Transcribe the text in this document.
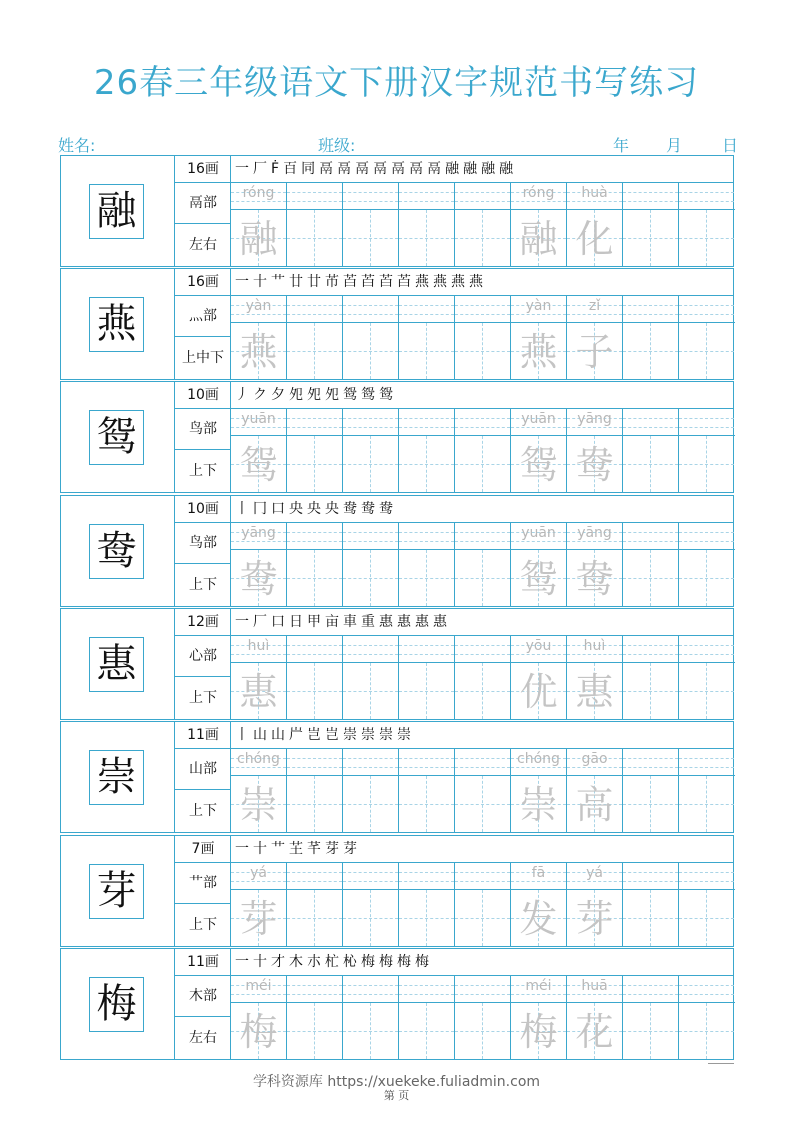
26春三年级语文下册汉字规范书写练习
姓名:	班级:	年 月 日
融
16画
鬲部
左右
一厂Ḟ百同鬲鬲鬲鬲鬲鬲鬲融融融融
róng
融
róng
融
huà
化
燕
16画
灬部
上中下
一十艹廿廿芇苩苩苩苩燕燕燕燕
yàn
燕
yàn
燕
zǐ
子
鸳
10画
鸟部
上下
丿ク夕夗夗夗鸳鸳鸳
yuān
鸳
yuān
鸳
yāng
鸯
鸯
10画
鸟部
上下
丨冂口央央央鸯鸯鸯
yāng
鸯
yuān
鸳
yāng
鸯
惠
12画
心部
上下
一厂口日甲亩車重惠惠惠惠
huì
惠
yōu
优
huì
惠
崇
11画
山部
上下
丨山山屵岂岂崇崇崇崇
chóng
崇
chóng
崇
gāo
高
芽
7画
艹部
上下
一十艹芏芊芽芽
yá
芽
fā
发
yá
芽
梅
11画
木部
左右
一十才木朩杧杺梅梅梅梅
méi
梅
méi
梅
huā
花
学科资源库 https://xuekeke.fuliadmin.com
第 页
